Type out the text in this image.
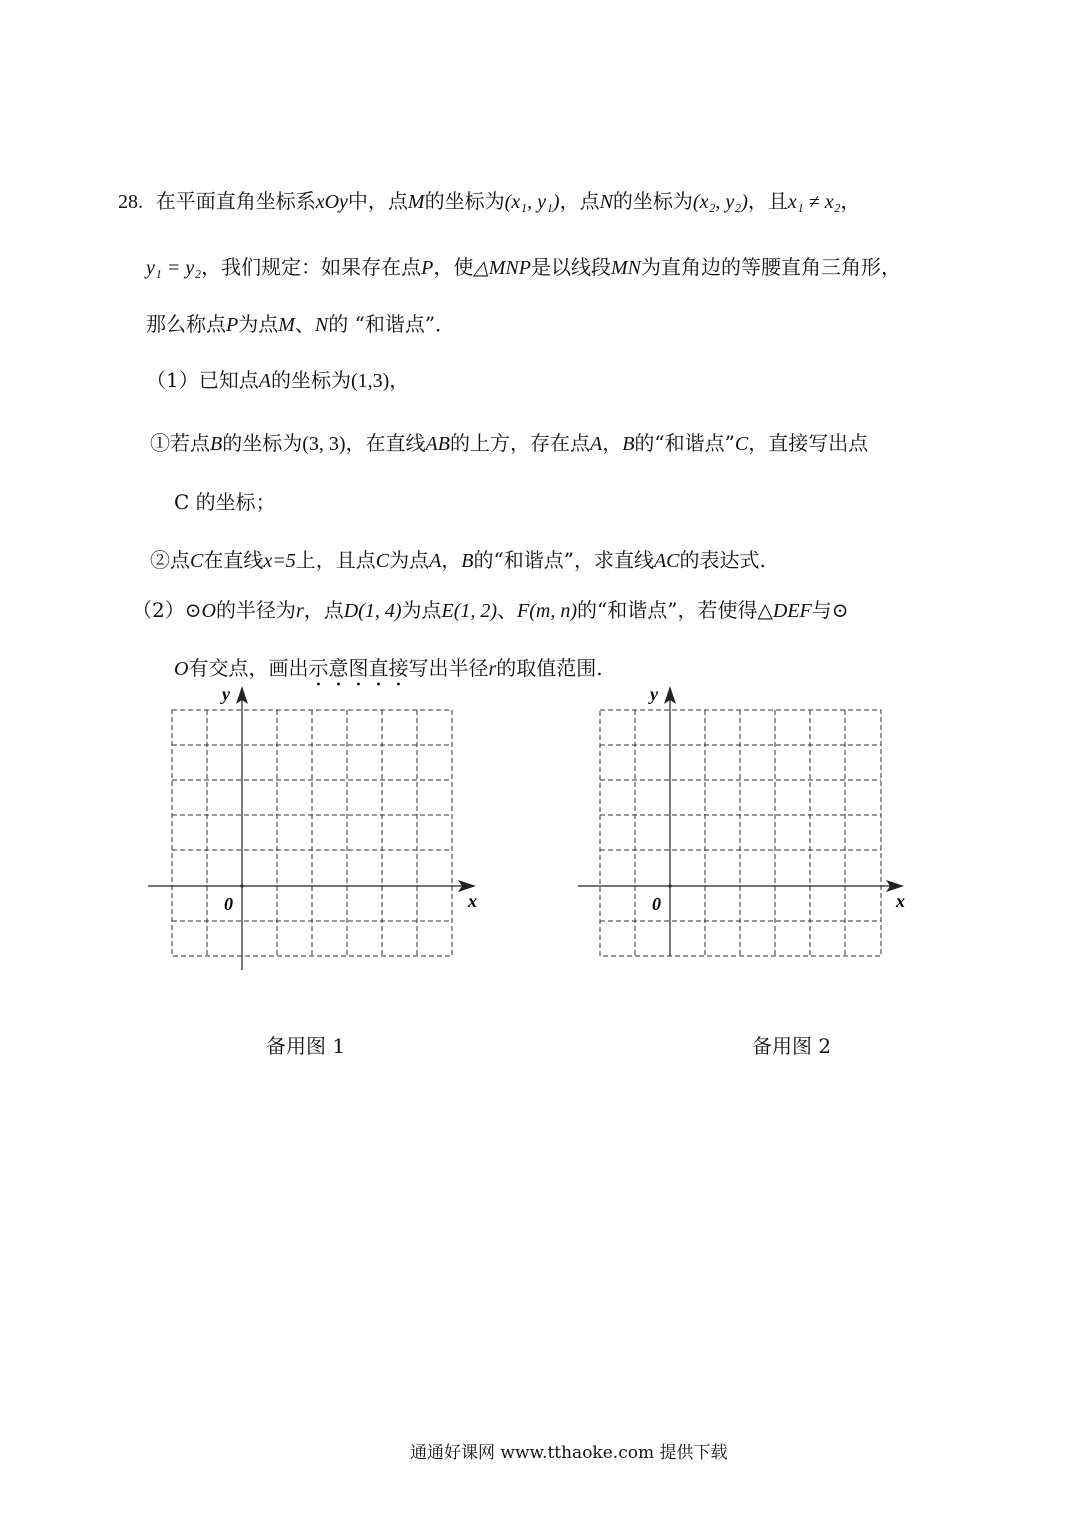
28. 在平面直角坐标系xOy中，点M的坐标为(x₁, y₁)，点N的坐标为(x₂, y₂)，且x₁ ≠ x₂，
y₁ = y₂，我们规定：如果存在点P，使△MNP是以线段MN为直角边的等腰直角三角形，
那么称点P为点M、N的 “和谐点”．
（1）已知点A的坐标为(1,3)，
①若点B的坐标为(3, 3)，在直线AB的上方，存在点A，B的“和谐点”C，直接写出点
C 的坐标；
②点C在直线x=5上，且点C为点A，B的“和谐点”，求直线AC的表达式.
（2）⊙O的半径为r，点D(1, 4)为点E(1, 2)、F(m, n)的“和谐点”，若使得△DEF与⊙
O有交点，画出示意图直接写出半径r的取值范围.
x
y
0
备用图 1
x
y
0
备用图 2
通通好课网 www.tthaoke.com 提供下载
